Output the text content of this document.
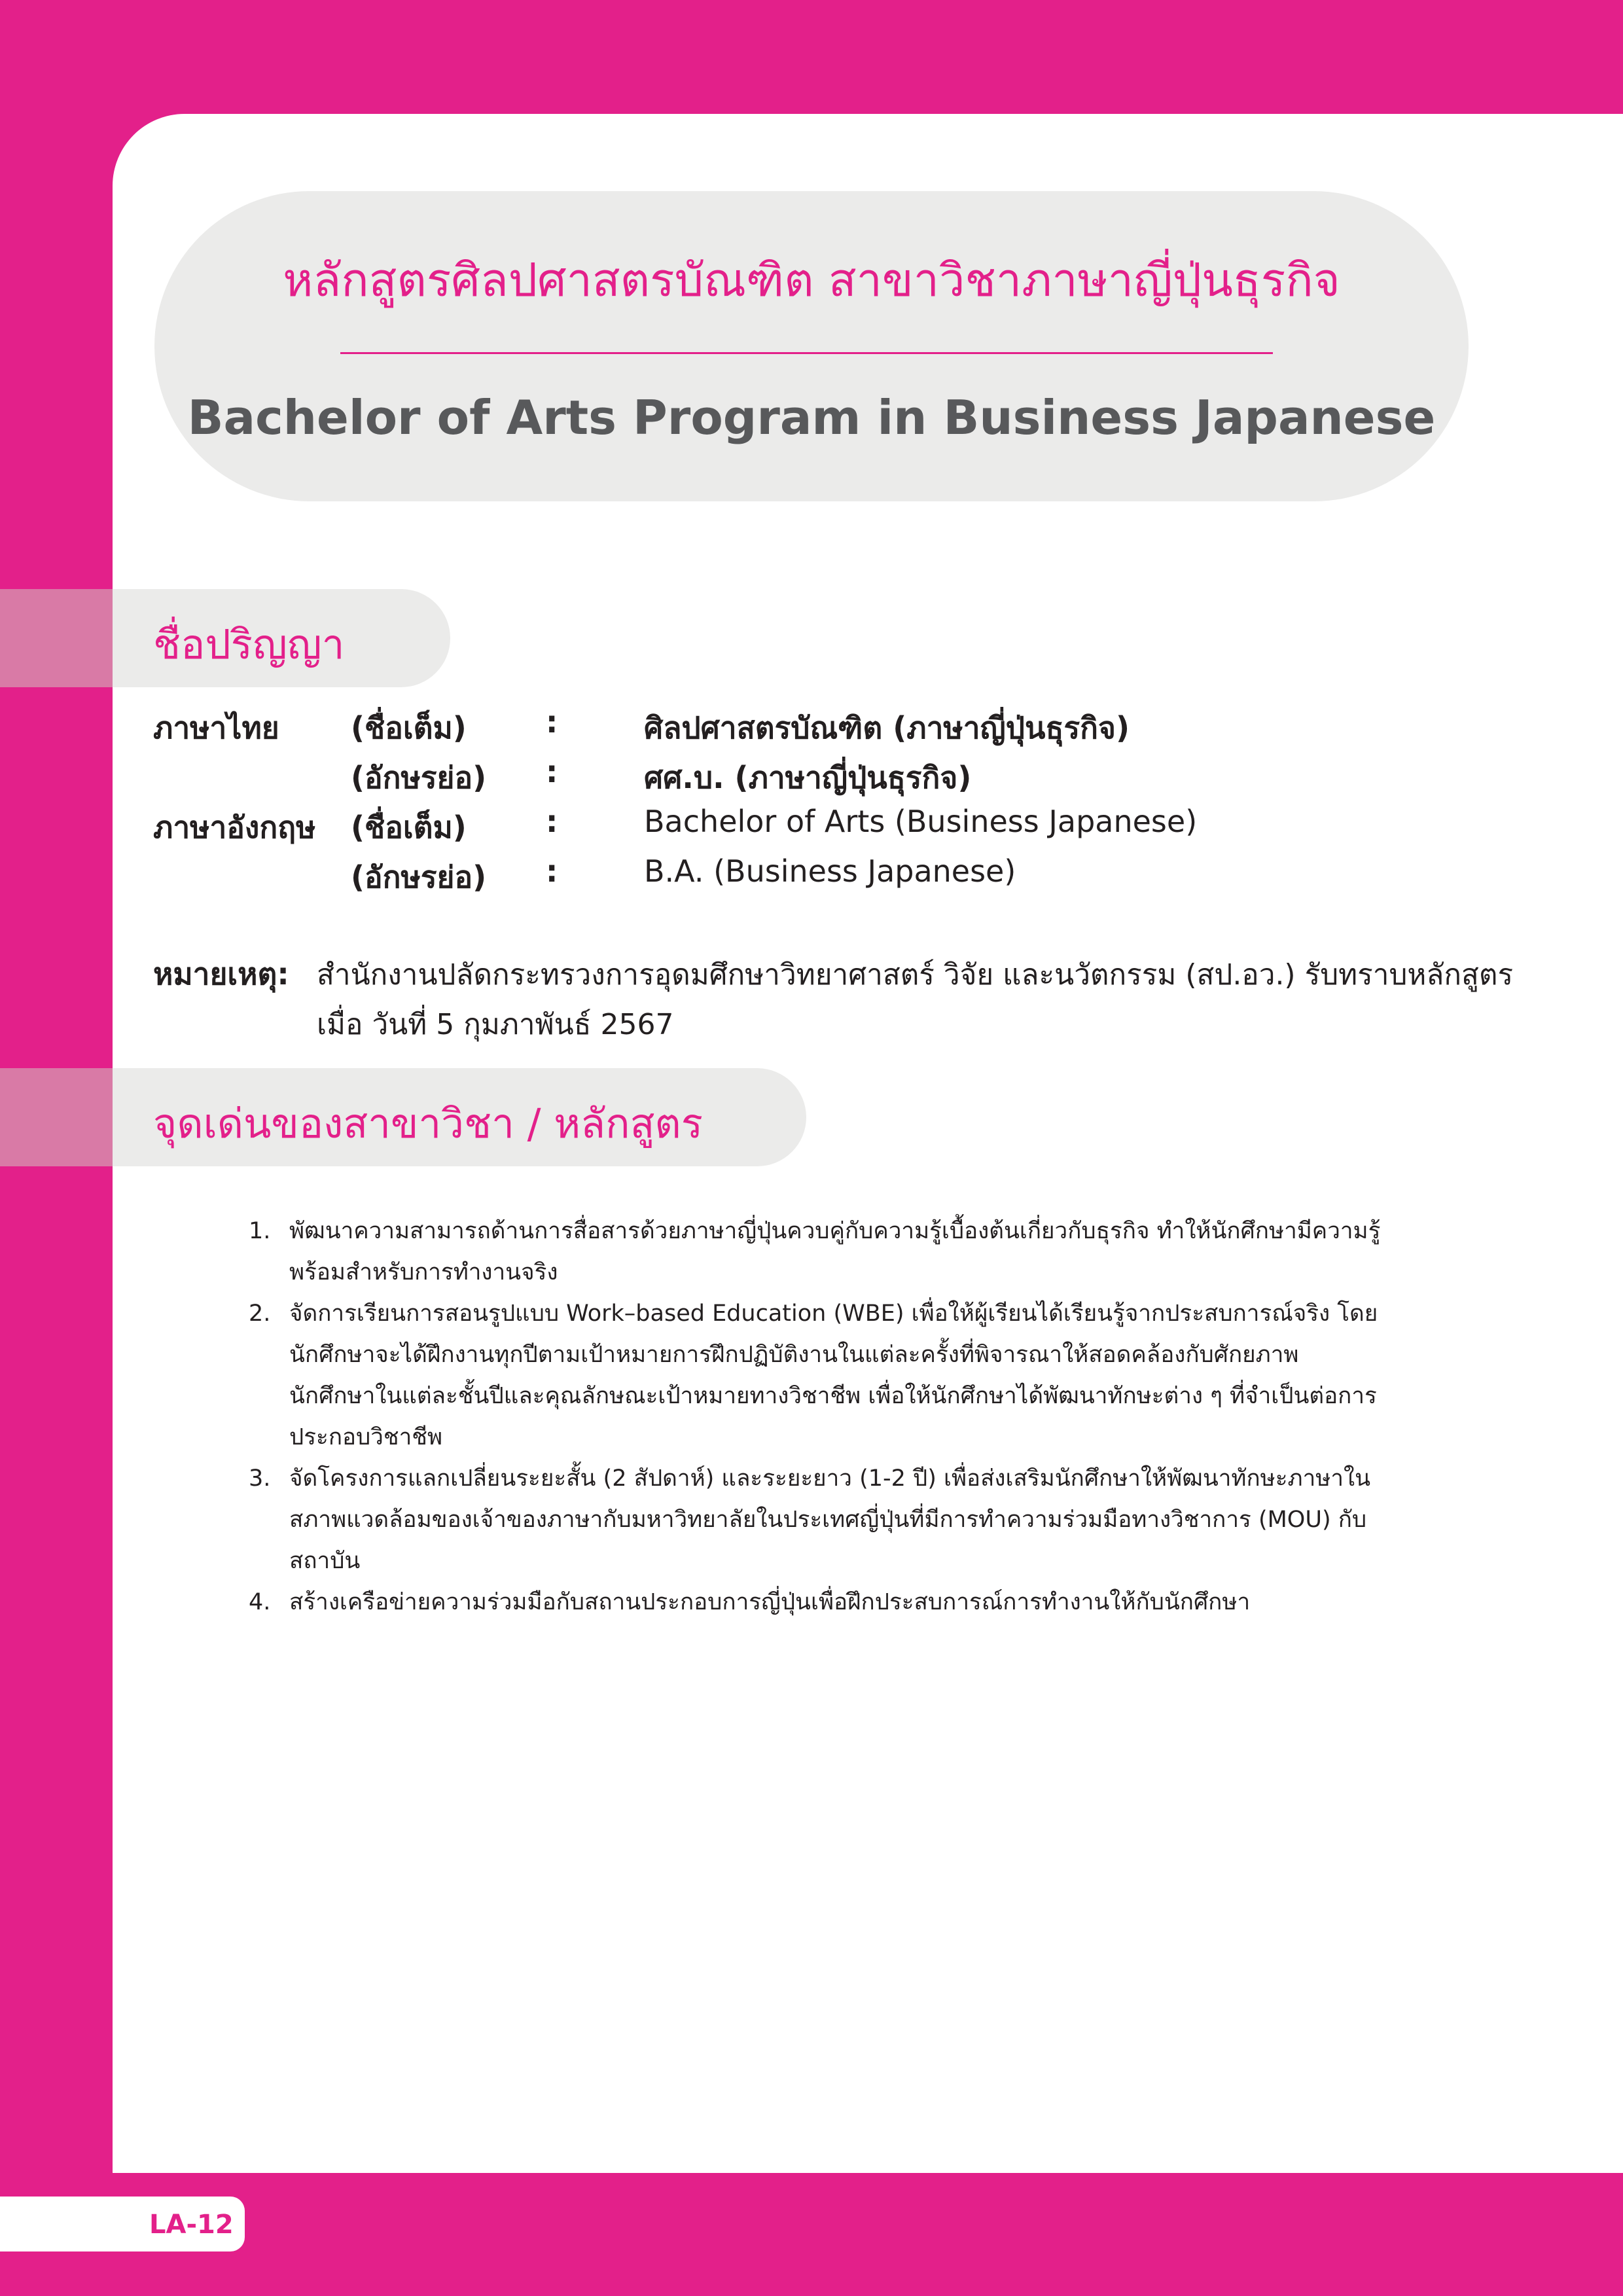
หลักสูตรศิลปศาสตรบัณฑิต สาขาวิชาภาษาญี่ปุ่นธุรกิจ
Bachelor of Arts Program in Business Japanese
ชื่อปริญญา
ภาษาไทย (ชื่อเต็ม)	:	ศิลปศาสตรบัณฑิต (ภาษาญี่ปุ่นธุรกิจ)
(อักษรย่อ) :	ศศ.บ. (ภาษาญี่ปุ่นธุรกิจ)
ภาษาอังกฤษ (ชื่อเต็ม)	:	Bachelor of Arts (Business Japanese)
(อักษรย่อ) :	B.A. (Business Japanese)
หมายเหตุ: สำนักงานปลัดกระทรวงการอุดมศึกษาวิทยาศาสตร์ วิจัย และนวัตกรรม (สป.อว.) รับทราบหลักสูตรเมื่อ วันที่ 5 กุมภาพันธ์ 2567
จุดเด่นของสาขาวิชา / หลักสูตร
1. พัฒนาความสามารถด้านการสื่อสารด้วยภาษาญี่ปุ่นควบคู่กับความรู้เบื้องต้นเกี่ยวกับธุรกิจ ทำให้นักศึกษามีความรู้พร้อมสำหรับการทำงานจริง
2. จัดการเรียนการสอนรูปแบบ Work–based Education (WBE) เพื่อให้ผู้เรียนได้เรียนรู้จากประสบการณ์จริง โดยนักศึกษาจะได้ฝึกงานทุกปีตามเป้าหมายการฝึกปฏิบัติงานในแต่ละครั้งที่พิจารณาให้สอดคล้องกับศักยภาพนักศึกษาในแต่ละชั้นปีและคุณลักษณะเป้าหมายทางวิชาชีพ เพื่อให้นักศึกษาได้พัฒนาทักษะต่าง ๆ ที่จำเป็นต่อการประกอบวิชาชีพ
3. จัดโครงการแลกเปลี่ยนระยะสั้น (2 สัปดาห์) และระยะยาว (1-2 ปี) เพื่อส่งเสริมนักศึกษาให้พัฒนาทักษะภาษาในสภาพแวดล้อมของเจ้าของภาษากับมหาวิทยาลัยในประเทศญี่ปุ่นที่มีการทำความร่วมมือทางวิชาการ (MOU) กับสถาบัน
4. สร้างเครือข่ายความร่วมมือกับสถานประกอบการญี่ปุ่นเพื่อฝึกประสบการณ์การทำงานให้กับนักศึกษา
LA-12
